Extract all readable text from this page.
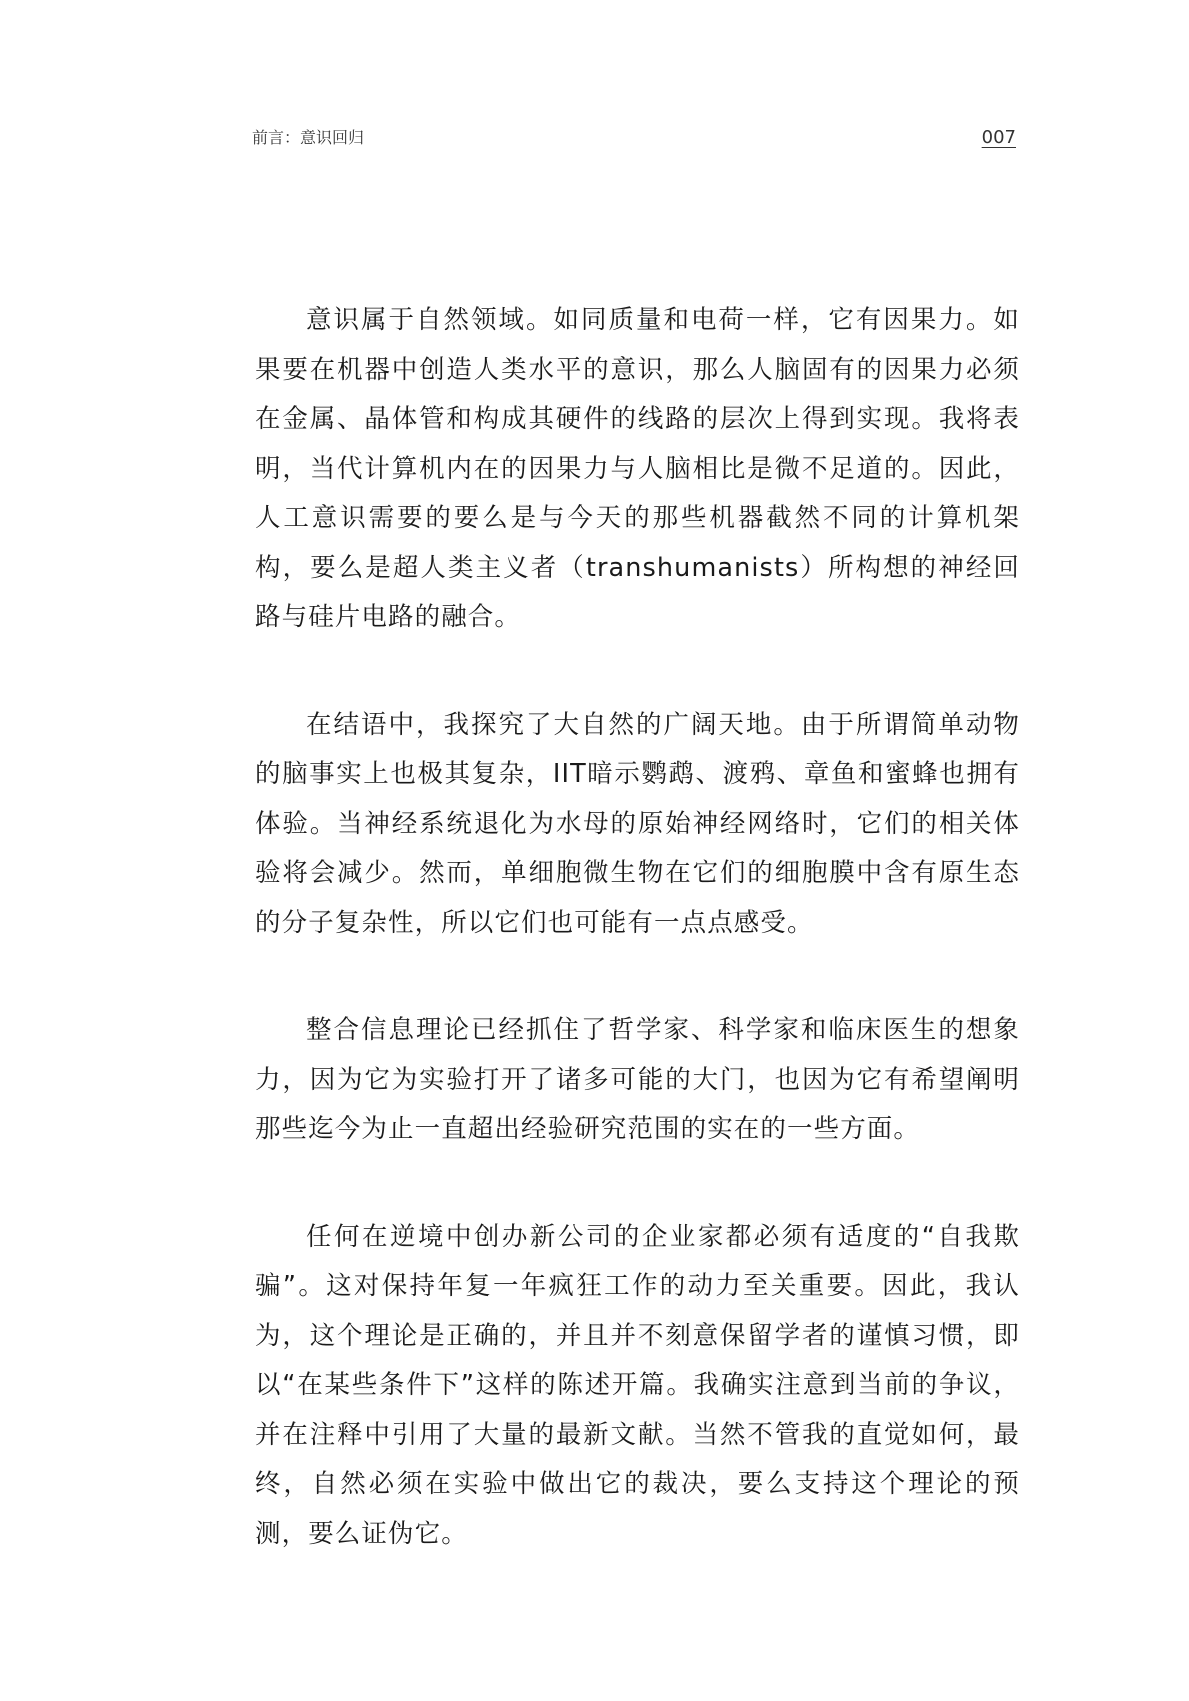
前言：意识回归	007

意识属于自然领域。如同质量和电荷一样，它有因果力。如果要在机器中创造人类水平的意识，那么人脑固有的因果力必须在金属、晶体管和构成其硬件的线路的层次上得到实现。我将表明，当代计算机内在的因果力与人脑相比是微不足道的。因此，人工意识需要的要么是与今天的那些机器截然不同的计算机架构，要么是超人类主义者（transhumanists）所构想的神经回路与硅片电路的融合。

在结语中，我探究了大自然的广阔天地。由于所谓简单动物的脑事实上也极其复杂，IIT暗示鹦鹉、渡鸦、章鱼和蜜蜂也拥有体验。当神经系统退化为水母的原始神经网络时，它们的相关体验将会减少。然而，单细胞微生物在它们的细胞膜中含有原生态的分子复杂性，所以它们也可能有一点点感受。

整合信息理论已经抓住了哲学家、科学家和临床医生的想象力，因为它为实验打开了诸多可能的大门，也因为它有希望阐明那些迄今为止一直超出经验研究范围的实在的一些方面。

任何在逆境中创办新公司的企业家都必须有适度的“自我欺骗”。这对保持年复一年疯狂工作的动力至关重要。因此，我认为，这个理论是正确的，并且并不刻意保留学者的谨慎习惯，即以“在某些条件下”这样的陈述开篇。我确实注意到当前的争议，并在注释中引用了大量的最新文献。当然不管我的直觉如何，最终，自然必须在实验中做出它的裁决，要么支持这个理论的预测，要么证伪它。
